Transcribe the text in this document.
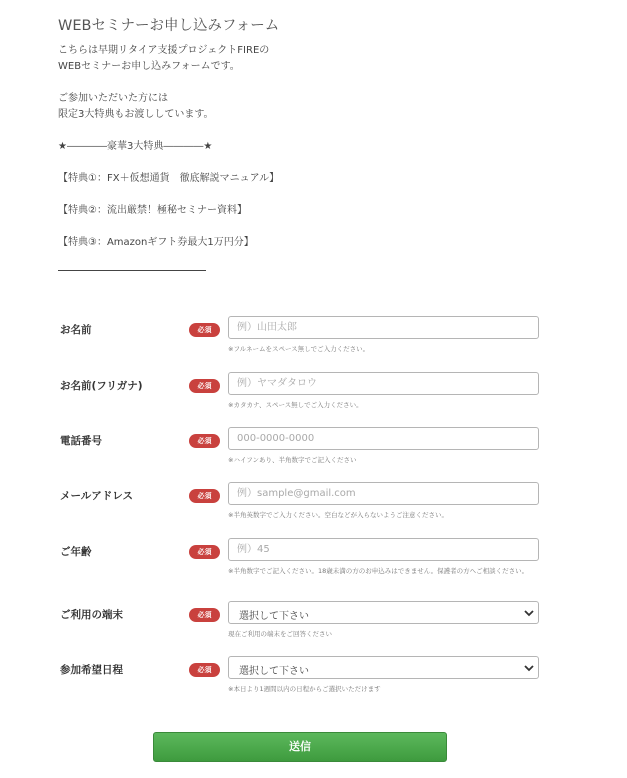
WEBセミナーお申し込みフォーム

こちらは早期リタイア支援プロジェクトFIREの

WEBセミナーお申し込みフォームです。

ご参加いただいた方には

限定3大特典もお渡ししています。

★――――豪華3大特典――――★

【特典①：FX＋仮想通貨　徹底解説マニュアル】

【特典②：流出厳禁！極秘セミナー資料】

【特典③：Amazonギフト券最大1万円分】

お名前	必須
例）山田太郎
※フルネームをスペース無しでご入力ください。
お名前(フリガナ)	必須
例）ヤマダタロウ
※カタカナ、スペース無しでご入力ください。
電話番号	必須
000-0000-0000
※ハイフンあり、半角数字でご記入ください
メールアドレス	必須
例）sample@gmail.com
※半角英数字でご入力ください。空白などが入らないようご注意ください。
ご年齢	必須
例）45
※半角数字でご記入ください。18歳未満の方のお申込みはできません。保護者の方へご相談ください。
ご利用の端末	必須	選択して下さい
現在ご利用の端末をご回答ください
参加希望日程	必須	選択して下さい
※本日より1週間以内の日程からご選択いただけます
送信
